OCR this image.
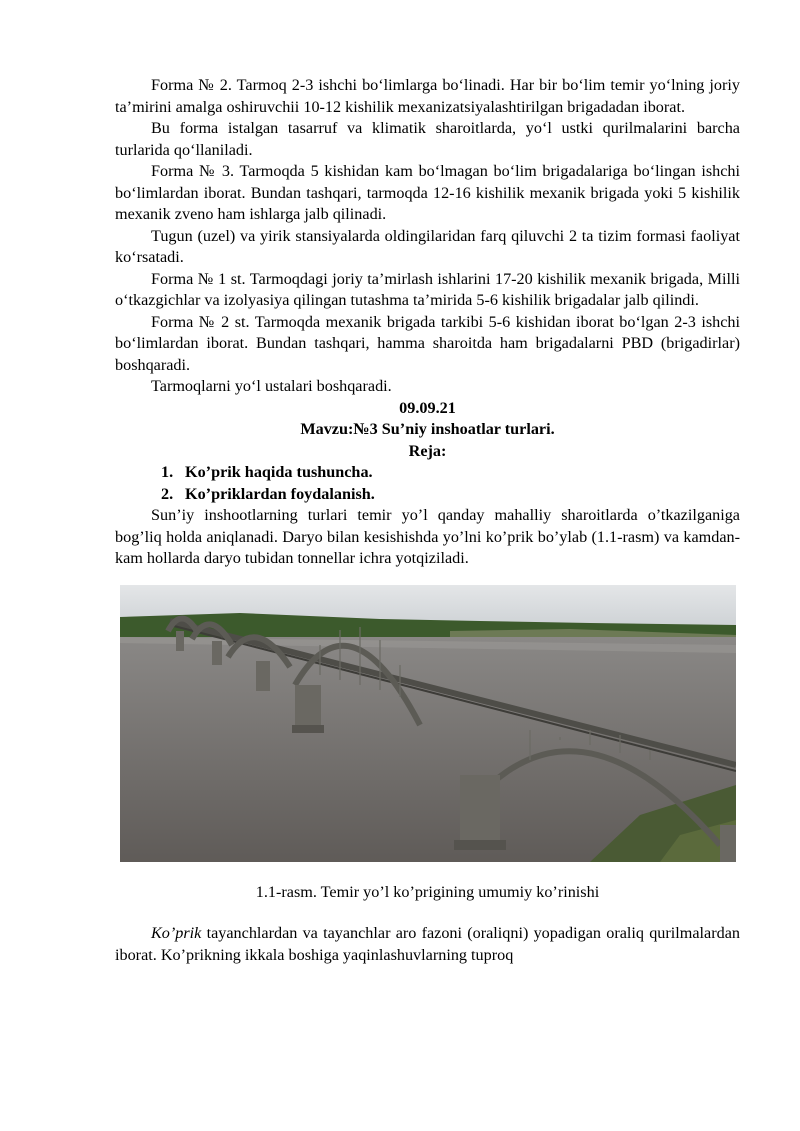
Forma № 2. Tarmoq 2-3 ishchi bo‘limlarga bo‘linadi. Har bir bo‘lim temir yo‘lning joriy ta’mirini amalga oshiruvchii 10-12 kishilik mexanizatsiyalashtirilgan brigadadan iborat.

Bu forma istalgan tasarruf va klimatik sharoitlarda, yo‘l ustki qurilmalarini barcha turlarida qo‘llaniladi.

Forma № 3. Tarmoqda 5 kishidan kam bo‘lmagan bo‘lim brigadalariga bo‘lingan ishchi bo‘limlardan iborat. Bundan tashqari, tarmoqda 12-16 kishilik mexanik brigada yoki 5 kishilik mexanik zveno ham ishlarga jalb qilinadi.

Tugun (uzel) va yirik stansiyalarda oldingilaridan farq qiluvchi 2 ta tizim formasi faoliyat ko‘rsatadi.

Forma № 1 st. Tarmoqdagi joriy ta’mirlash ishlarini 17-20 kishilik mexanik brigada, Milli o‘tkazgichlar va izolyasiya qilingan tutashma ta’mirida 5-6 kishilik brigadalar jalb qilindi.

Forma № 2 st. Tarmoqda mexanik brigada tarkibi 5-6 kishidan iborat bo‘lgan 2-3 ishchi bo‘limlardan iborat. Bundan tashqari, hamma sharoitda ham brigadalarni PBD (brigadirlar) boshqaradi.

Tarmoqlarni yo‘l ustalari boshqaradi.

09.09.21

Mavzu:№3 Su’niy inshoatlar turlari.

Reja:

1. Ko’prik haqida tushuncha.
2. Ko’priklardan foydalanish.

Sun’iy inshootlarning turlari temir yo’l qanday mahalliy sharoitlarda o’tkazilganiga bog’liq holda aniqlanadi. Daryo bilan kesishishda yo’lni ko’prik bo’ylab (1.1-rasm) va kamdan-kam hollarda daryo tubidan tonnellar ichra yotqiziladi.

1.1-rasm. Temir yo’l ko’prigining umumiy ko’rinishi

Ko’prik tayanchlardan va tayanchlar aro fazoni (oraliqni) yopadigan oraliq qurilmalardan iborat. Ko’prikning ikkala boshiga yaqinlashuvlarning tuproq
